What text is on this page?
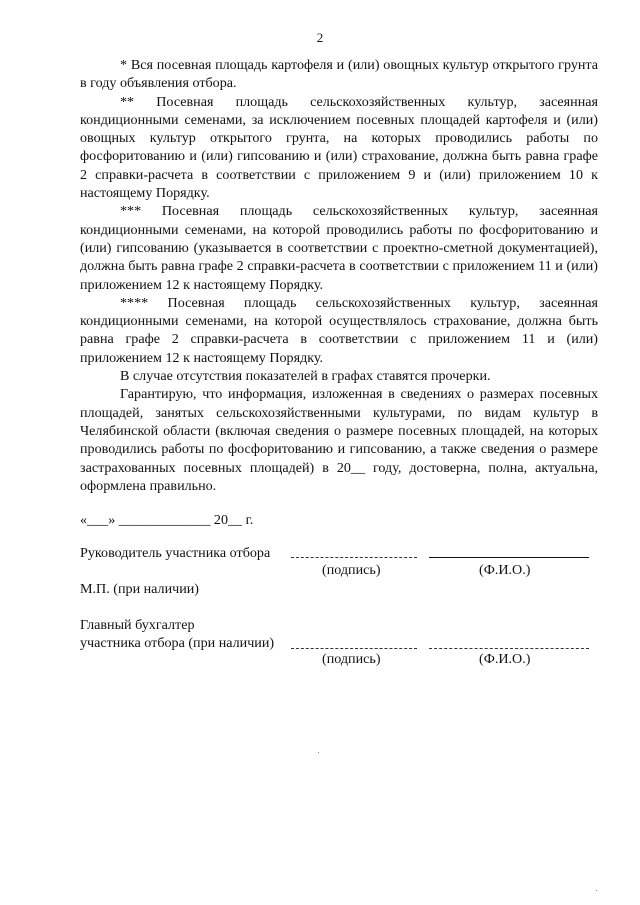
2

* Вся посевная площадь картофеля и (или) овощных культур открытого грунта в году объявления отбора.

** Посевная площадь сельскохозяйственных культур, засеянная кондиционными семенами, за исключением посевных площадей картофеля и (или) овощных культур открытого грунта, на которых проводились работы по фосфоритованию и (или) гипсованию и (или) страхование, должна быть равна графе 2 справки-расчета в соответствии с приложением 9 и (или) приложением 10 к настоящему Порядку.

*** Посевная площадь сельскохозяйственных культур, засеянная кондиционными семенами, на которой проводились работы по фосфоритованию и (или) гипсованию (указывается в соответствии с проектно-сметной документацией), должна быть равна графе 2 справки-расчета в соответствии с приложением 11 и (или) приложением 12 к настоящему Порядку.

**** Посевная площадь сельскохозяйственных культур, засеянная кондиционными семенами, на которой осуществлялось страхование, должна быть равна графе 2 справки-расчета в соответствии с приложением 11 и (или) приложением 12 к настоящему Порядку.

В случае отсутствия показателей в графах ставятся прочерки.

Гарантирую, что информация, изложенная в сведениях о размерах посевных площадей, занятых сельскохозяйственными культурами, по видам культур в Челябинской области (включая сведения о размере посевных площадей, на которых проводились работы по фосфоритованию и гипсованию, а также сведения о размере застрахованных посевных площадей) в 20__ году, достоверна, полна, актуальна, оформлена правильно.

«___» _____________ 20__ г.
Руководитель участника отбора
(подпись)	(Ф.И.О.)
М.П. (при наличии)
Главный бухгалтер
участника отбора (при наличии)
(подпись)	(Ф.И.О.)
